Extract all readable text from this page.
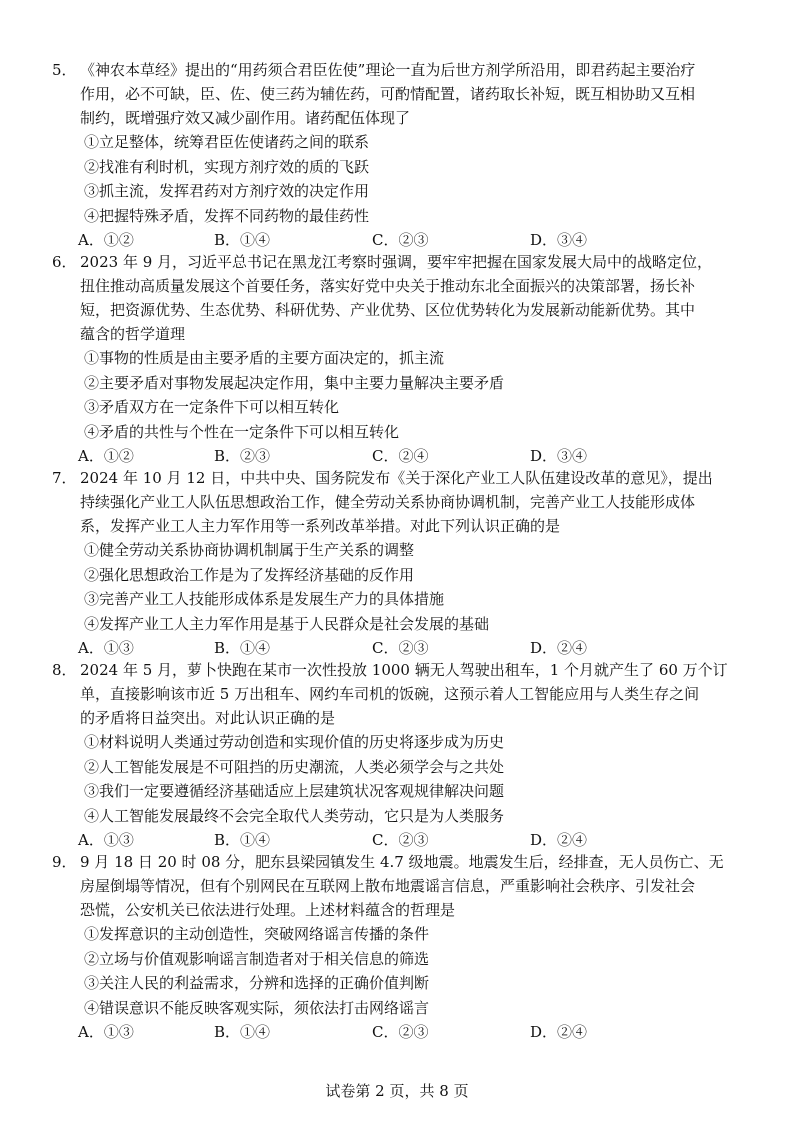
5． 《神农本草经》提出的“用药须合君臣佐使”理论一直为后世方剂学所沿用，即君药起主要治疗
作用，必不可缺，臣、佐、使三药为辅佐药，可酌情配置，诸药取长补短，既互相协助又互相
制约，既增强疗效又减少副作用。诸药配伍体现了
①立足整体，统筹君臣佐使诸药之间的联系
②找准有利时机，实现方剂疗效的质的飞跃
③抓主流，发挥君药对方剂疗效的决定作用
④把握特殊矛盾，发挥不同药物的最佳药性
A．①②	B．①④	C．②③	D．③④
6． 2023 年 9 月，习近平总书记在黑龙江考察时强调，要牢牢把握在国家发展大局中的战略定位，
扭住推动高质量发展这个首要任务，落实好党中央关于推动东北全面振兴的决策部署，扬长补
短，把资源优势、生态优势、科研优势、产业优势、区位优势转化为发展新动能新优势。其中
蕴含的哲学道理
①事物的性质是由主要矛盾的主要方面决定的，抓主流
②主要矛盾对事物发展起决定作用，集中主要力量解决主要矛盾
③矛盾双方在一定条件下可以相互转化
④矛盾的共性与个性在一定条件下可以相互转化
A．①②	B．②③	C．②④	D．③④
7． 2024 年 10 月 12 日，中共中央、国务院发布《关于深化产业工人队伍建设改革的意见》，提出
持续强化产业工人队伍思想政治工作，健全劳动关系协商协调机制，完善产业工人技能形成体
系，发挥产业工人主力军作用等一系列改革举措。对此下列认识正确的是
①健全劳动关系协商协调机制属于生产关系的调整
②强化思想政治工作是为了发挥经济基础的反作用
③完善产业工人技能形成体系是发展生产力的具体措施
④发挥产业工人主力军作用是基于人民群众是社会发展的基础
A．①③	B．①④	C．②③	D．②④
8． 2024 年 5 月，萝卜快跑在某市一次性投放 1000 辆无人驾驶出租车，1 个月就产生了 60 万个订
单，直接影响该市近 5 万出租车、网约车司机的饭碗，这预示着人工智能应用与人类生存之间
的矛盾将日益突出。对此认识正确的是
①材料说明人类通过劳动创造和实现价值的历史将逐步成为历史
②人工智能发展是不可阻挡的历史潮流，人类必须学会与之共处
③我们一定要遵循经济基础适应上层建筑状况客观规律解决问题
④人工智能发展最终不会完全取代人类劳动，它只是为人类服务
A．①③	B．①④	C．②③	D．②④
9． 9 月 18 日 20 时 08 分，肥东县梁园镇发生 4.7 级地震。地震发生后，经排查，无人员伤亡、无
房屋倒塌等情况，但有个别网民在互联网上散布地震谣言信息，严重影响社会秩序、引发社会
恐慌，公安机关已依法进行处理。上述材料蕴含的哲理是
①发挥意识的主动创造性，突破网络谣言传播的条件
②立场与价值观影响谣言制造者对于相关信息的筛选
③关注人民的利益需求，分辨和选择的正确价值判断
④错误意识不能反映客观实际，须依法打击网络谣言
A．①③	B．①④	C．②③	D．②④
试卷第 2 页，共 8 页
